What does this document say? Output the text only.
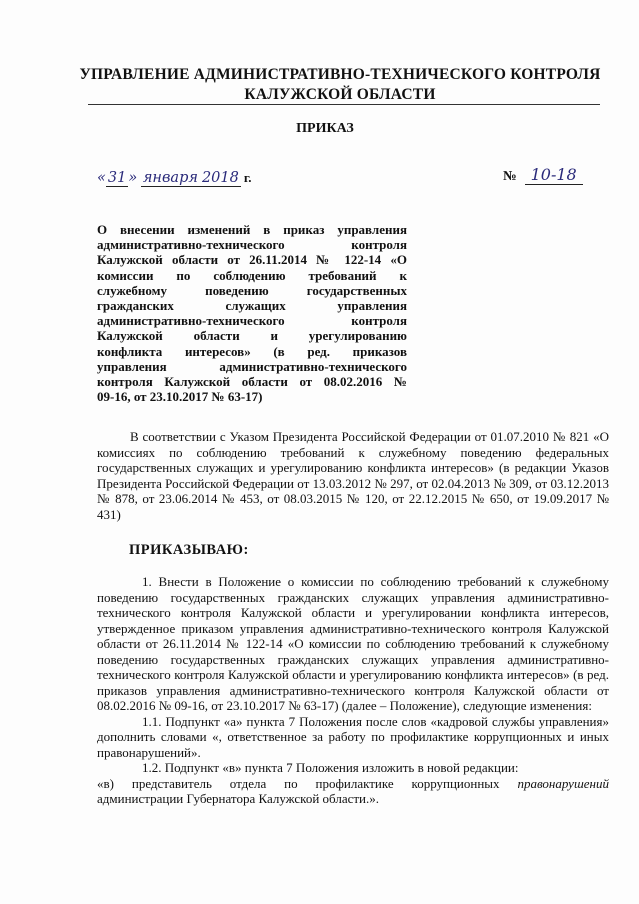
УПРАВЛЕНИЕ АДМИНИСТРАТИВНО-ТЕХНИЧЕСКОГО КОНТРОЛЯ
КАЛУЖСКОЙ ОБЛАСТИ
ПРИКАЗ
« 31 » января 2018 г.	№ 10-18
О внесении изменений в приказ управления
административно-технического контроля
Калужской области от 26.11.2014 № 122-14 «О
комиссии по соблюдению требований к
служебному поведению государственных
гражданских служащих управления
административно-технического контроля
Калужской области и урегулированию
конфликта интересов» (в ред. приказов
управления административно-технического
контроля Калужской области от 08.02.2016 №
09-16, от 23.10.2017 № 63-17)

В соответствии с Указом Президента Российской Федерации от 01.07.2010 № 821 «О комиссиях по соблюдению требований к служебному поведению федеральных государственных служащих и урегулированию конфликта интересов» (в редакции Указов Президента Российской Федерации от 13.03.2012 № 297, от 02.04.2013 № 309, от 03.12.2013 № 878, от 23.06.2014 № 453, от 08.03.2015 № 120, от 22.12.2015 № 650, от 19.09.2017 № 431)

ПРИКАЗЫВАЮ:

1. Внести в Положение о комиссии по соблюдению требований к служебному поведению государственных гражданских служащих управления административно-технического контроля Калужской области и урегулировании конфликта интересов, утвержденное приказом управления административно-технического контроля Калужской области от 26.11.2014 № 122-14 «О комиссии по соблюдению требований к служебному поведению государственных гражданских служащих управления административно-технического контроля Калужской области и урегулированию конфликта интересов» (в ред. приказов управления административно-технического контроля Калужской области от 08.02.2016 № 09-16, от 23.10.2017 № 63-17) (далее – Положение), следующие изменения:

1.1. Подпункт «а» пункта 7 Положения после слов «кадровой службы управления» дополнить словами «, ответственное за работу по профилактике коррупционных и иных правонарушений».

1.2. Подпункт «в» пункта 7 Положения изложить в новой редакции:

«в) представитель отдела по профилактике коррупционных правонарушений администрации Губернатора Калужской области.».
